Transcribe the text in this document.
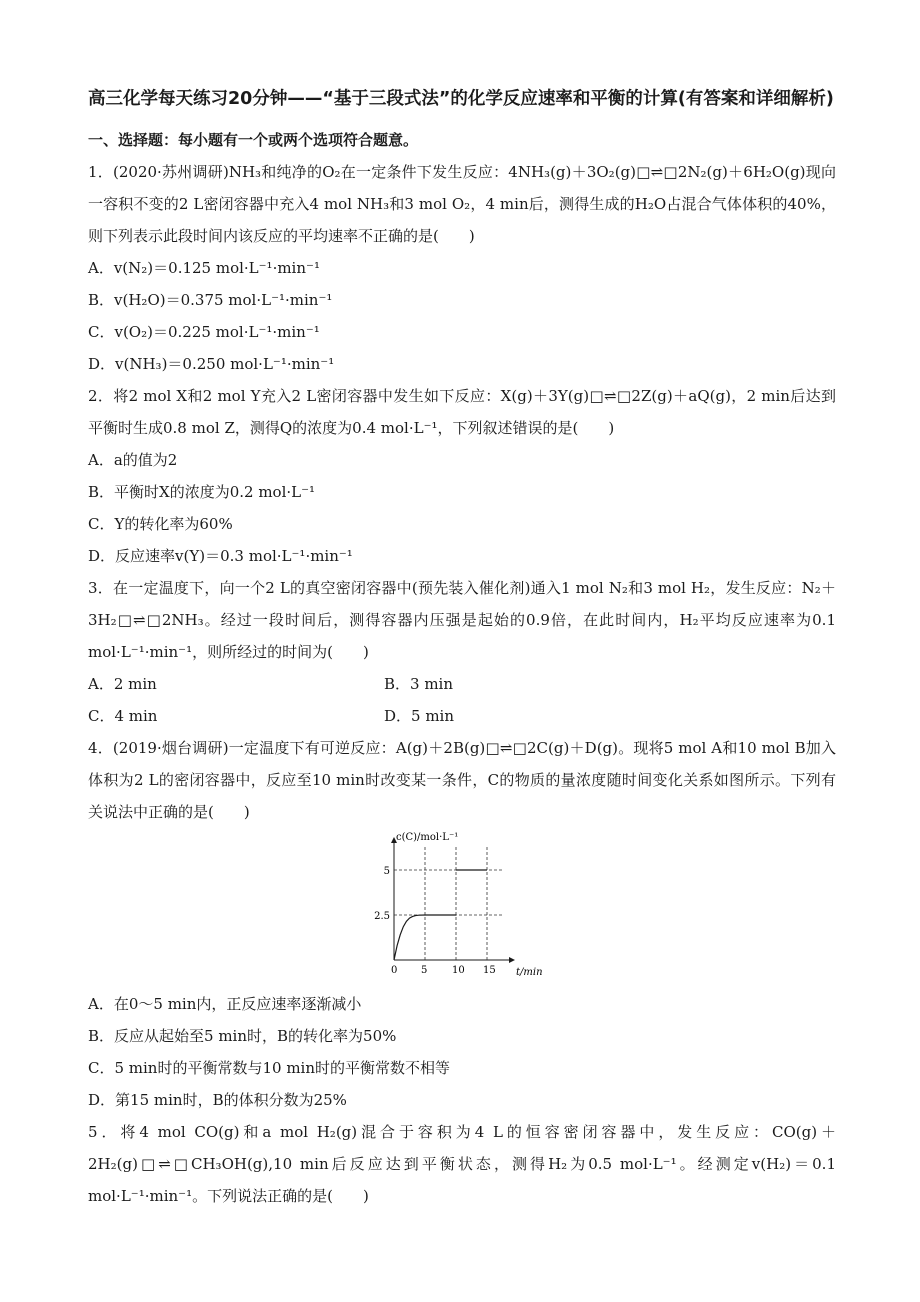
高三化学每天练习20分钟——“基于三段式法”的化学反应速率和平衡的计算(有答案和详细解析)

一、选择题：每小题有一个或两个选项符合题意。

1．(2020·苏州调研)NH₃和纯净的O₂在一定条件下发生反应：4NH₃(g)＋3O₂(g)□⇌□2N₂(g)＋6H₂O(g)现向一容积不变的2 L密闭容器中充入4 mol NH₃和3 mol O₂，4 min后，测得生成的H₂O占混合气体体积的40%，则下列表示此段时间内该反应的平均速率不正确的是(　　)

A．v(N₂)＝0.125 mol·L⁻¹·min⁻¹

B．v(H₂O)＝0.375 mol·L⁻¹·min⁻¹

C．v(O₂)＝0.225 mol·L⁻¹·min⁻¹

D．v(NH₃)＝0.250 mol·L⁻¹·min⁻¹

2．将2 mol X和2 mol Y充入2 L密闭容器中发生如下反应：X(g)＋3Y(g)□⇌□2Z(g)＋aQ(g)，2 min后达到平衡时生成0.8 mol Z，测得Q的浓度为0.4 mol·L⁻¹，下列叙述错误的是(　　)

A．a的值为2

B．平衡时X的浓度为0.2 mol·L⁻¹

C．Y的转化率为60%

D．反应速率v(Y)＝0.3 mol·L⁻¹·min⁻¹

3．在一定温度下，向一个2 L的真空密闭容器中(预先装入催化剂)通入1 mol N₂和3 mol H₂，发生反应：N₂＋3H₂□⇌□2NH₃。经过一段时间后，测得容器内压强是起始的0.9倍，在此时间内，H₂平均反应速率为0.1 mol·L⁻¹·min⁻¹，则所经过的时间为(　　)

A．2 min	B．3 min
C．4 min	D．5 min

4．(2019·烟台调研)一定温度下有可逆反应：A(g)＋2B(g)□⇌□2C(g)＋D(g)。现将5 mol A和10 mol B加入体积为2 L的密闭容器中，反应至10 min时改变某一条件，C的物质的量浓度随时间变化关系如图所示。下列有关说法中正确的是(　　)

c(C)/mol·L⁻¹
t/min
0 5 10 15
2.5
5

A．在0～5 min内，正反应速率逐渐减小

B．反应从起始至5 min时，B的转化率为50%

C．5 min时的平衡常数与10 min时的平衡常数不相等

D．第15 min时，B的体积分数为25%

5．将4 mol CO(g)和a mol H₂(g)混合于容积为4 L的恒容密闭容器中，发生反应：CO(g)＋2H₂(g)□⇌□CH₃OH(g),10 min后反应达到平衡状态，测得H₂为0.5 mol·L⁻¹。经测定v(H₂)＝0.1 mol·L⁻¹·min⁻¹。下列说法正确的是(　　)
